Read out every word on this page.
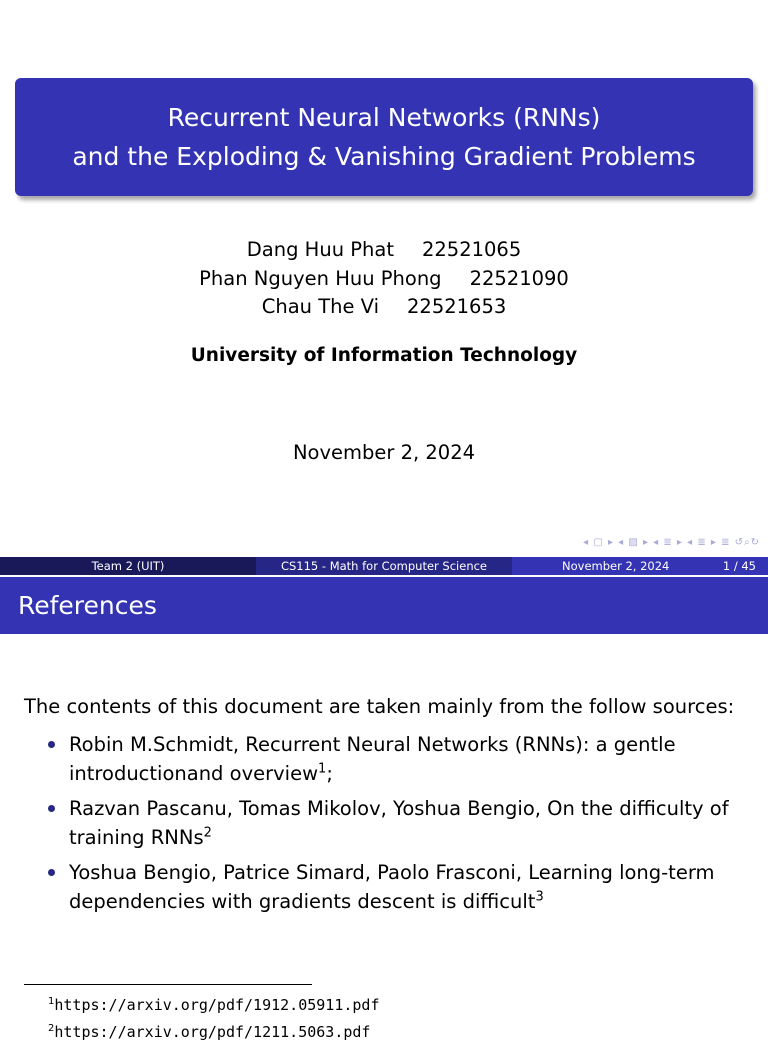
Recurrent Neural Networks (RNNs)
and the Exploding & Vanishing Gradient Problems
Dang Huu Phat 22521065
Phan Nguyen Huu Phong 22521090
Chau The Vi 22521653
University of Information Technology
November 2, 2024
◂ ▢ ▸ ◂ ▨ ▸ ◂ ≣ ▸ ◂ ≣ ▸ ≣ ↺⌕↻
Team 2 (UIT)	CS115 - Math for Computer Science	November 2, 2024	1 / 45
References
The contents of this document are taken mainly from the follow sources:
Robin M.Schmidt, Recurrent Neural Networks (RNNs): a gentle introductionand overview$^1$;
Razvan Pascanu, Tomas Mikolov, Yoshua Bengio, On the difficulty of training RNNs$^2$
Yoshua Bengio, Patrice Simard, Paolo Frasconi, Learning long-term dependencies with gradients descent is difficult$^3$
$^1$https://arxiv.org/pdf/1912.05911.pdf
$^2$https://arxiv.org/pdf/1211.5063.pdf
